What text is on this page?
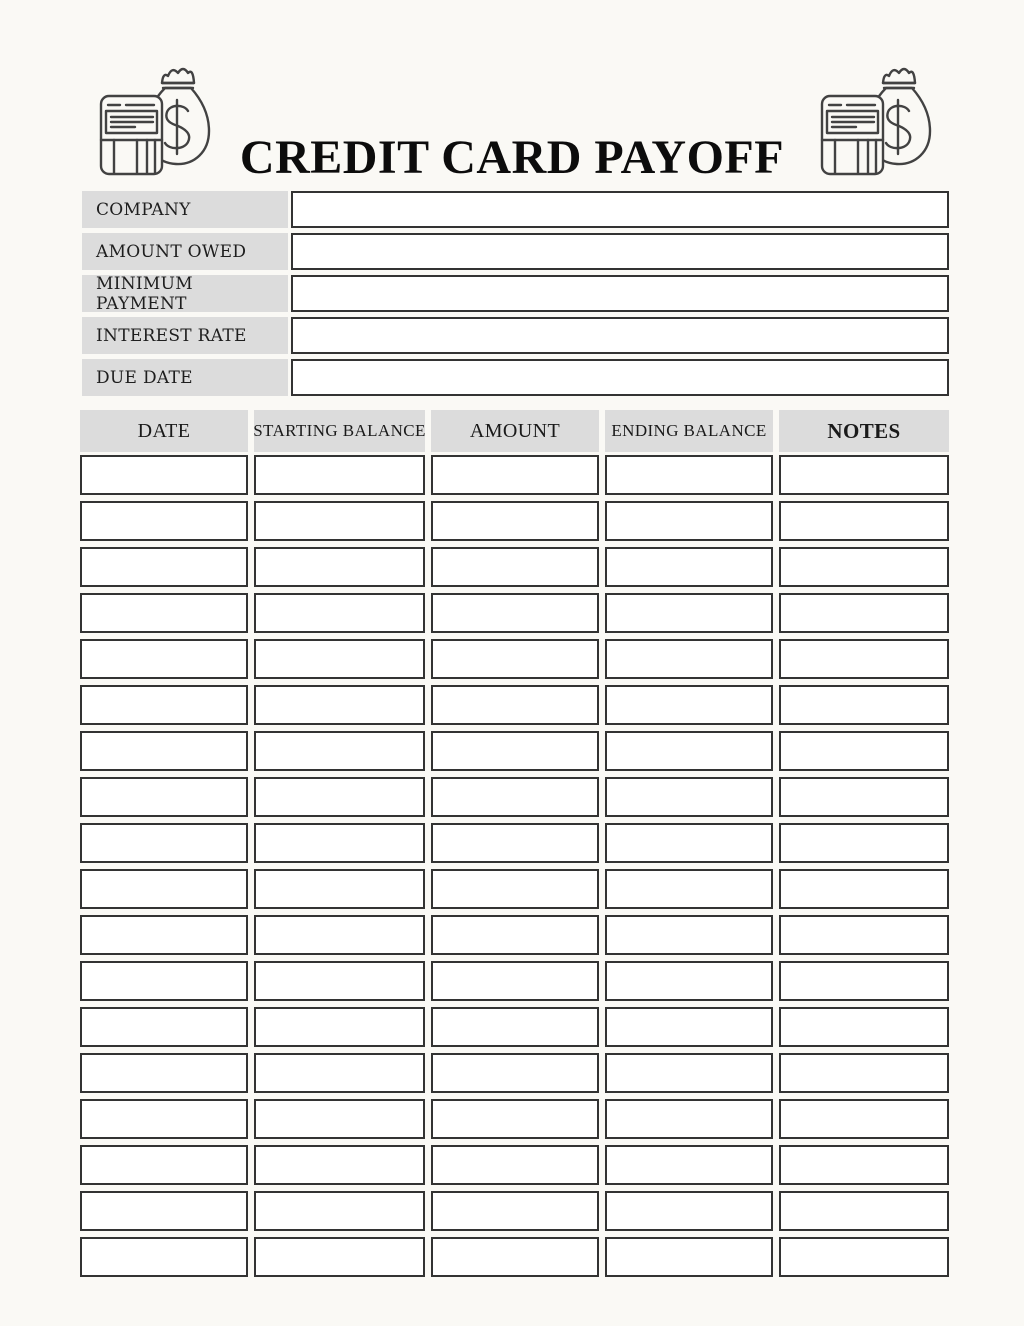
CREDIT CARD PAYOFF
COMPANY
AMOUNT OWED
MINIMUM PAYMENT
INTEREST RATE
DUE DATE
DATE	STARTING BALANCE	AMOUNT	ENDING BALANCE	NOTES
